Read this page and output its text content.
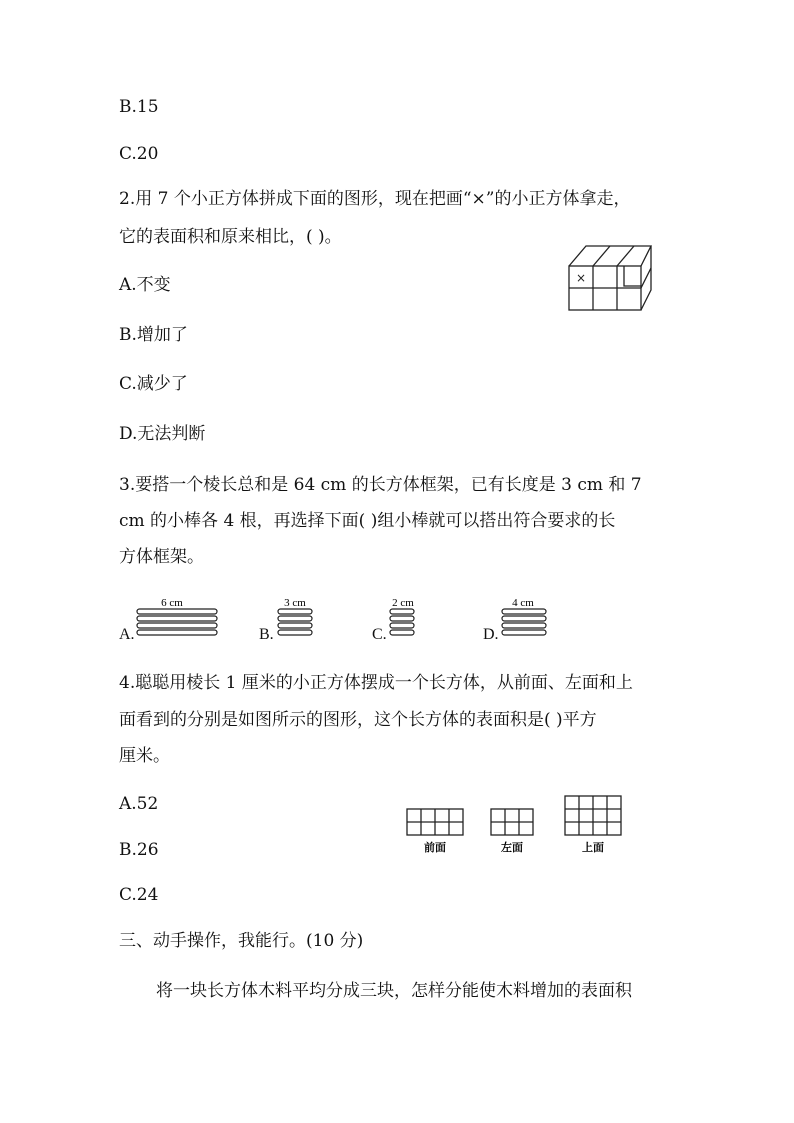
B.15
C.20
2.用 7 个小正方体拼成下面的图形，现在把画“×”的小正方体拿走，
它的表面积和原来相比，( )。
×
A.不变
B.增加了
C.减少了
D.无法判断
3.要搭一个棱长总和是 64 cm 的长方体框架，已有长度是 3 cm 和 7
cm 的小棒各 4 根，再选择下面( )组小棒就可以搭出符合要求的长
方体框架。
A.
6 cm
B.
3 cm
C.
2 cm
D.
4 cm
4.聪聪用棱长 1 厘米的小正方体摆成一个长方体，从前面、左面和上
面看到的分别是如图所示的图形，这个长方体的表面积是( )平方
厘米。
A.52
B.26
C.24
前面	左面	上面
三、动手操作，我能行。(10 分)
将一块长方体木料平均分成三块，怎样分能使木料增加的表面积
